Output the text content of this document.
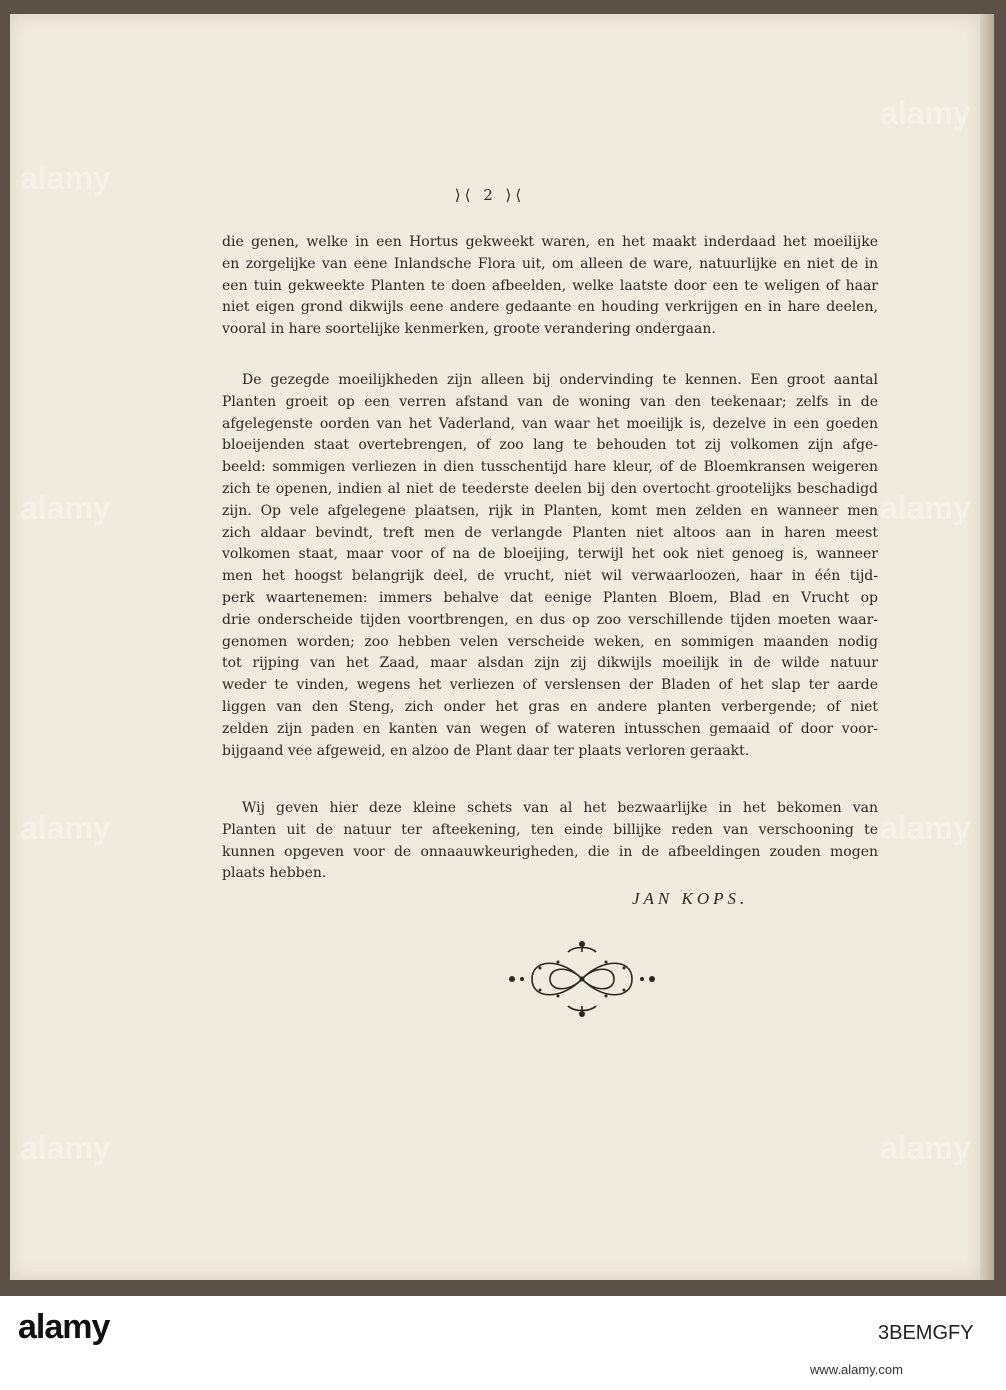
⟩⟨ 2 ⟩⟨
die genen, welke in een Hortus gekweekt waren, en het maakt inderdaad het moeilijke
en zorgelijke van eene Inlandsche Flora uit, om alleen de ware, natuurlijke en niet de in
een tuin gekweekte Planten te doen afbeelden, welke laatste door een te weligen of haar
niet eigen grond dikwijls eene andere gedaante en houding verkrijgen en in hare deelen,
vooral in hare soortelijke kenmerken, groote verandering ondergaan.
De gezegde moeilijkheden zijn alleen bij ondervinding te kennen. Een groot aantal
Planten groeit op een verren afstand van de woning van den teekenaar; zelfs in de
afgelegenste oorden van het Vaderland, van waar het moeilijk is, dezelve in een goeden
bloeijenden staat overtebrengen, of zoo lang te behouden tot zij volkomen zijn afge-
beeld: sommigen verliezen in dien tusschentijd hare kleur, of de Bloemkransen weigeren
zich te openen, indien al niet de teederste deelen bij den overtocht grootelijks beschadigd
zijn. Op vele afgelegene plaatsen, rijk in Planten, komt men zelden en wanneer men
zich aldaar bevindt, treft men de verlangde Planten niet altoos aan in haren meest
volkomen staat, maar voor of na de bloeijing, terwijl het ook niet genoeg is, wanneer
men het hoogst belangrijk deel, de vrucht, niet wil verwaarloozen, haar in één tijd-
perk waartenemen: immers behalve dat eenige Planten Bloem, Blad en Vrucht op
drie onderscheide tijden voortbrengen, en dus op zoo verschillende tijden moeten waar-
genomen worden; zoo hebben velen verscheide weken, en sommigen maanden nodig
tot rijping van het Zaad, maar alsdan zijn zij dikwijls moeilijk in de wilde natuur
weder te vinden, wegens het verliezen of verslensen der Bladen of het slap ter aarde
liggen van den Steng, zich onder het gras en andere planten verbergende; of niet
zelden zijn paden en kanten van wegen of wateren intusschen gemaaid of door voor-
bijgaand vee afgeweid, en alzoo de Plant daar ter plaats verloren geraakt.
Wij geven hier deze kleine schets van al het bezwaarlijke in het bekomen van
Planten uit de natuur ter afteekening, ten einde billijke reden van verschooning te
kunnen opgeven voor de onnaauwkeurigheden, die in de afbeeldingen zouden mogen
plaats hebben.
JAN KOPS.
alamy
alamy
alamy	alamy
alamy	alamy
alamy	alamy
alamy	3BEMGFY
www.alamy.com
